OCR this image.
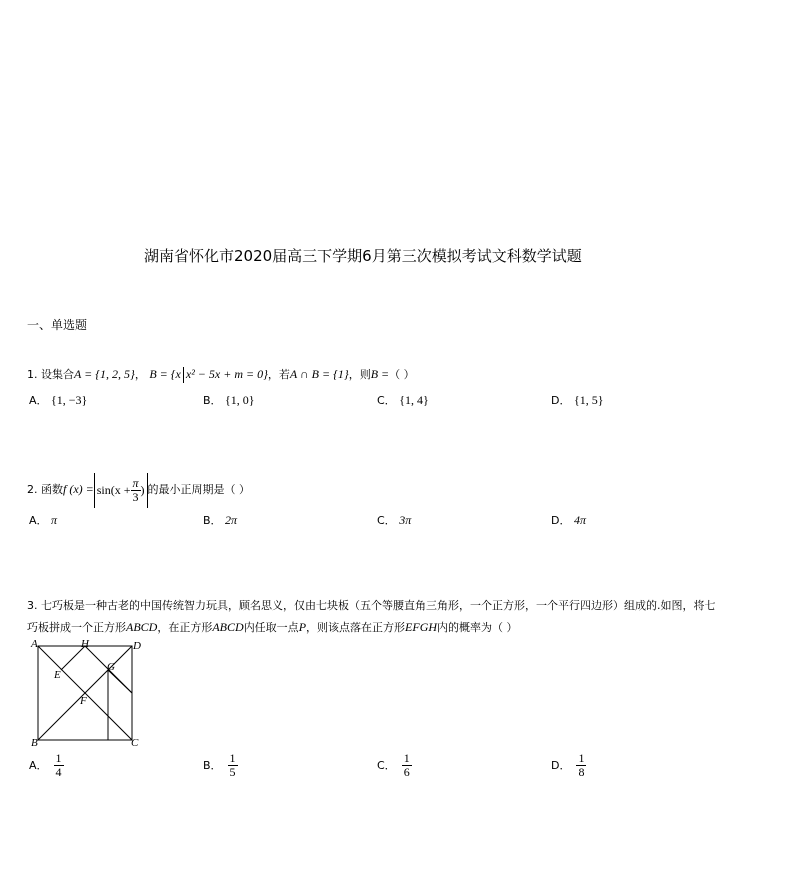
湖南省怀化市2020届高三下学期6月第三次模拟考试文科数学试题
一、单选题
1. 设集合A = {1, 2, 5}， B = {x x² − 5x + m = 0}，若A ∩ B = {1}，则B =（ ）
A． {1, −3}	B． {1, 0}	C． {1, 4}	D． {1, 5}
2. 函数f $(x) = \sin(x + \frac{\pi}{3}$ ) 的最小正周期是（ ）
A． π	B． 2π	C． 3π	D． 4π
3. 七巧板是一种古老的中国传统智力玩具，顾名思义，仅由七块板（五个等腰直角三角形，一个正方形，一个平行四边形）组成的.如图，将七
巧板拼成一个正方形ABCD，在正方形ABCD内任取一点P，则该点落在正方形EFGH内的概率为（ ）
A	H	D
G
E
F
B	C
A． $\frac{1}{4}$	B． $\frac{1}{5}$	C． $\frac{1}{6}$	D． $\frac{1}{8}$
